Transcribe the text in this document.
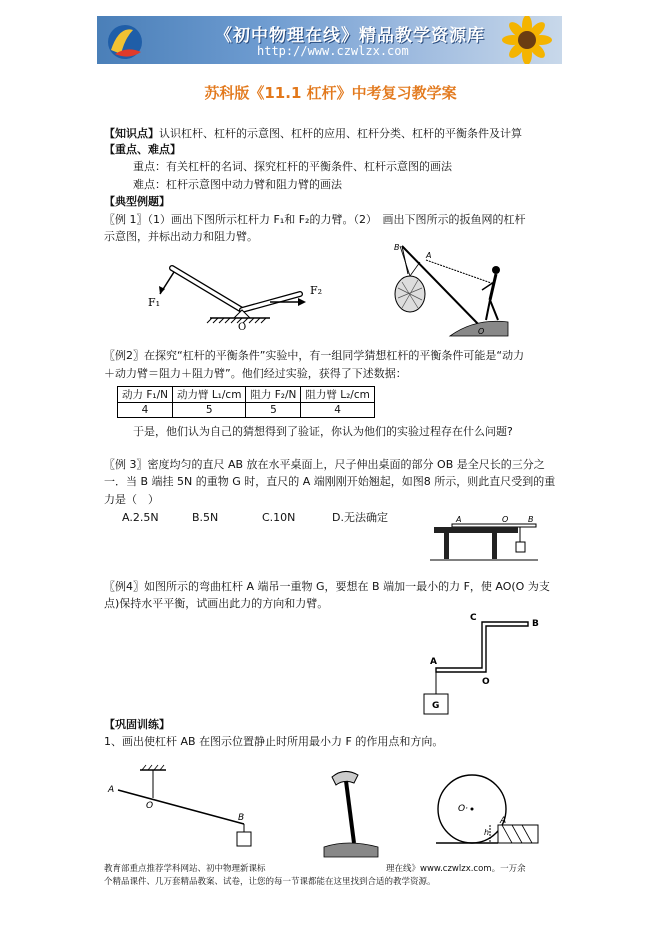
《初中物理在线》精品教学资源库
http://www.czwlzx.com
苏科版《11.1 杠杆》中考复习教学案
【知识点】认识杠杆、杠杆的示意图、杠杆的应用、杠杆分类、杠杆的平衡条件及计算
【重点、难点】
重点：有关杠杆的名词、探究杠杆的平衡条件、杠杆示意图的画法
难点：杠杆示意图中动力臂和阻力臂的画法
【典型例题】
〖例 1〗（1）画出下图所示杠杆力 F₁和 F₂的力臂。（2）　画出下图所示的扳鱼网的杠杆
示意图，并标出动力和阻力臂。
F₁
F₂
O
B
A
O
〖例2〗在探究“杠杆的平衡条件”实验中，有一组同学猜想杠杆的平衡条件可能是“动力
＋动力臂＝阻力＋阻力臂”。他们经过实验，获得了下述数据：
动力 F₁/N	动力臂 L₁/cm	阻力 F₂/N	阻力臂 L₂/cm
4	5	5	4
于是，他们认为自己的猜想得到了验证，你认为他们的实验过程存在什么问题?
〖例 3〗密度均匀的直尺 AB 放在水平桌面上，尺子伸出桌面的部分 OB 是全尺长的三分之
一．当 B 端挂 5N 的重物 G 时，直尺的 A 端刚刚开始翘起，如图8 所示，则此直尺受到的重
力是（　）
A.2.5N	B.5N	C.10N	D.无法确定	A	O B
〖例4〗如图所示的弯曲杠杆 A 端吊一重物 G，要想在 B 端加一最小的力 F，使 AO(O 为支
点)保持水平平衡，试画出此力的方向和力臂。
G
C
B
A
O
【巩固训练】
1、画出使杠杆 AB 在图示位置静止时所用最小力 F 的作用点和方向。
A
O
B
O·
A
h
教育部重点推荐学科网站、初中物理新课标	理在线》www.czwlzx.com。一万余
个精品课件、几万套精品教案、试卷，让您的每一节课都能在这里找到合适的教学资源。
